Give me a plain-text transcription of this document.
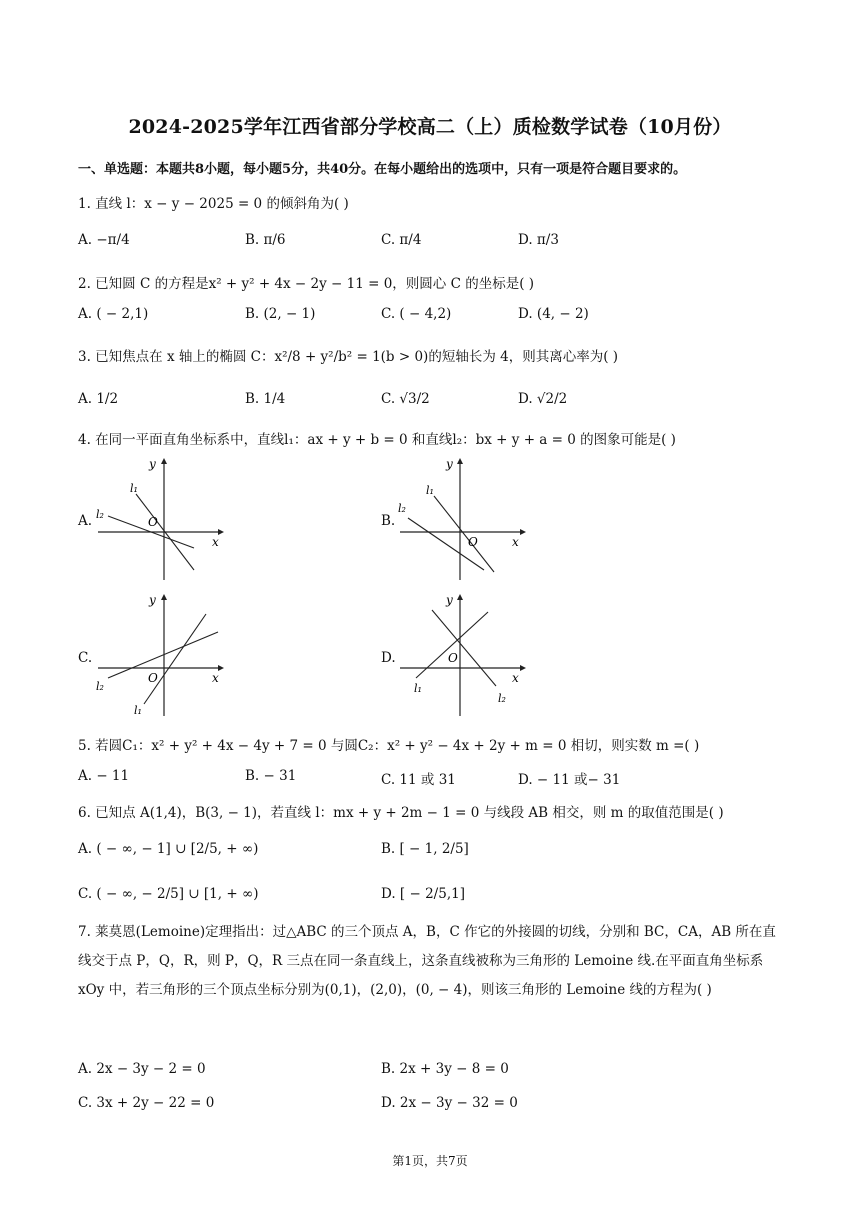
2024-2025学年江西省部分学校高二（上）质检数学试卷（10月份）
一、单选题：本题共8小题，每小题5分，共40分。在每小题给出的选项中，只有一项是符合题目要求的。
1. 直线 l：x − y − 2025 = 0 的倾斜角为( )
A. −π/4	B. π/6	C. π/4	D. π/3
2. 已知圆 C 的方程是x² + y² + 4x − 2y − 11 = 0，则圆心 C 的坐标是( )
A. ( − 2,1)	B. (2, − 1)	C. ( − 4,2)	D. (4, − 2)
3. 已知焦点在 x 轴上的椭圆 C：x²/8 + y²/b² = 1(b > 0)的短轴长为 4，则其离心率为( )
A. 1/2	B. 1/4	C. √3/2	D. √2/2
4. 在同一平面直角坐标系中，直线l₁：ax + y + b = 0 和直线l₂：bx + y + a = 0 的图象可能是( )
A.
x
y
O
l₁
l₂	B.
x
y
O
l₁
l₂
C.
x
y
O
l₁
l₂
D.
x
y
O
l₁
l₂
5. 若圆C₁：x² + y² + 4x − 4y + 7 = 0 与圆C₂：x² + y² − 4x + 2y + m = 0 相切，则实数 m =( )
A. − 11	B. − 31	C. 11 或 31	D. − 11 或− 31
6. 已知点 A(1,4)，B(3, − 1)，若直线 l：mx + y + 2m − 1 = 0 与线段 AB 相交，则 m 的取值范围是( )
A. ( − ∞, − 1] ∪ [2/5, + ∞)	B. [ − 1, 2/5]
C. ( − ∞, − 2/5] ∪ [1, + ∞)	D. [ − 2/5,1]
7. 莱莫恩(Lemoine)定理指出：过△ABC 的三个顶点 A，B，C 作它的外接圆的切线，分别和 BC，CA，AB 所在直线交于点 P，Q，R，则 P，Q，R 三点在同一条直线上，这条直线被称为三角形的 Lemoine 线.在平面直角坐标系 xOy 中，若三角形的三个顶点坐标分别为(0,1)，(2,0)，(0, − 4)，则该三角形的 Lemoine 线的方程为( )
A. 2x − 3y − 2 = 0	B. 2x + 3y − 8 = 0
C. 3x + 2y − 22 = 0	D. 2x − 3y − 32 = 0
第1页，共7页
